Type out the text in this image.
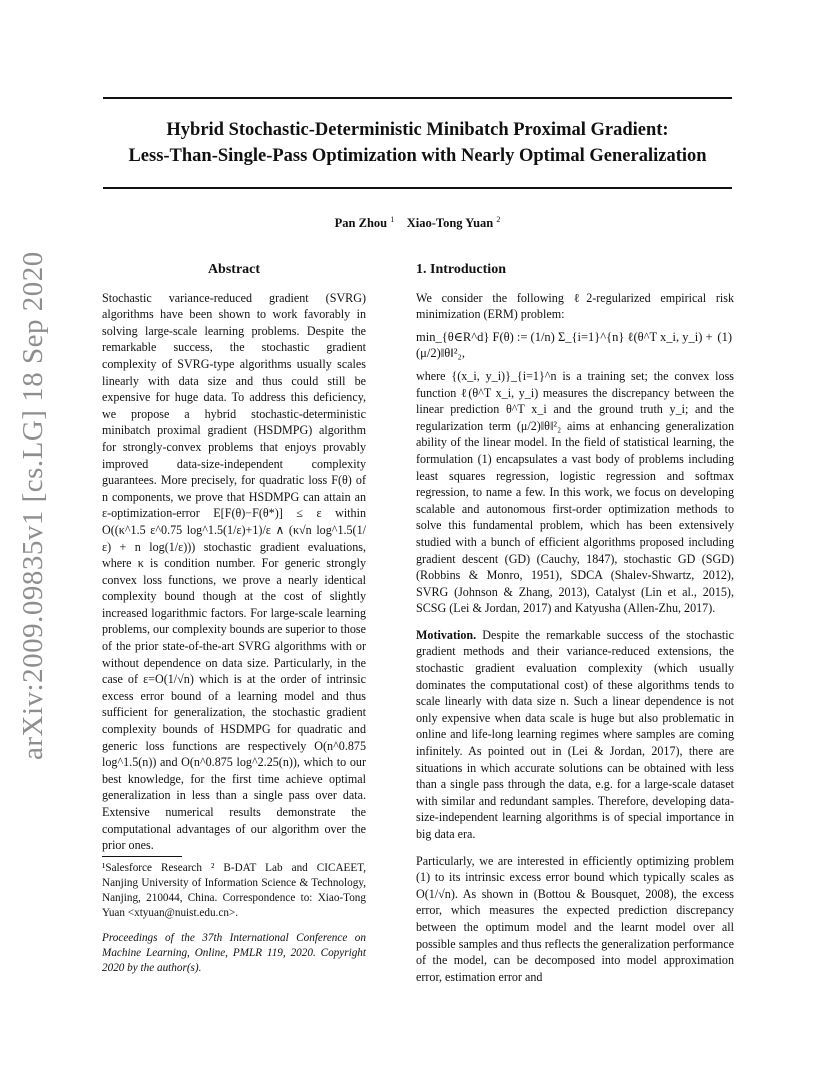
Hybrid Stochastic-Deterministic Minibatch Proximal Gradient:
Less-Than-Single-Pass Optimization with Nearly Optimal Generalization
Pan Zhou $^1$ Xiao-Tong Yuan $^2$
arXiv:2009.09835v1 [cs.LG] 18 Sep 2020	Abstract

Stochastic variance-reduced gradient (SVRG) algorithms have been shown to work favorably in solving large-scale learning problems. Despite the remarkable success, the stochastic gradient complexity of SVRG-type algorithms usually scales linearly with data size and thus could still be expensive for huge data. To address this deficiency, we propose a hybrid stochastic-deterministic minibatch proximal gradient (HSDMPG) algorithm for strongly-convex problems that enjoys provably improved data-size-independent complexity guarantees. More precisely, for quadratic loss F(θ) of n components, we prove that HSDMPG can attain an ε-optimization-error E[F(θ)−F(θ*)] ≤ ε within O((κ^1.5 ε^0.75 log^1.5(1/ε)+1)/ε ∧ (κ√n log^1.5(1/ε) + n log(1/ε))) stochastic gradient evaluations, where κ is condition number. For generic strongly convex loss functions, we prove a nearly identical complexity bound though at the cost of slightly increased logarithmic factors. For large-scale learning problems, our complexity bounds are superior to those of the prior state-of-the-art SVRG algorithms with or without dependence on data size. Particularly, in the case of ε=O(1/√n) which is at the order of intrinsic excess error bound of a learning model and thus sufficient for generalization, the stochastic gradient complexity bounds of HSDMPG for quadratic and generic loss functions are respectively O(n^0.875 log^1.5(n)) and O(n^0.875 log^2.25(n)), which to our best knowledge, for the first time achieve optimal generalization in less than a single pass over data. Extensive numerical results demonstrate the computational advantages of our algorithm over the prior ones.

¹Salesforce Research ² B-DAT Lab and CICAEET, Nanjing University of Information Science & Technology, Nanjing, 210044, China. Correspondence to: Xiao-Tong Yuan <xtyuan@nuist.edu.cn>.
Proceedings of the 37th International Conference on Machine Learning, Online, PMLR 119, 2020. Copyright 2020 by the author(s).
1. Introduction

We consider the following ℓ2-regularized empirical risk minimization (ERM) problem:

min_{θ∈R^d} F(θ) := (1/n) Σ_{i=1}^{n} ℓ(θ^T x_i, y_i) + (μ/2)‖θ‖²₂,
(1)

where {(x_i, y_i)}_{i=1}^n is a training set; the convex loss function ℓ(θ^T x_i, y_i) measures the discrepancy between the linear prediction θ^T x_i and the ground truth y_i; and the regularization term (μ/2)‖θ‖²₂ aims at enhancing generalization ability of the linear model. In the field of statistical learning, the formulation (1) encapsulates a vast body of problems including least squares regression, logistic regression and softmax regression, to name a few. In this work, we focus on developing scalable and autonomous first-order optimization methods to solve this fundamental problem, which has been extensively studied with a bunch of efficient algorithms proposed including gradient descent (GD) (Cauchy, 1847), stochastic GD (SGD) (Robbins & Monro, 1951), SDCA (Shalev-Shwartz, 2012), SVRG (Johnson & Zhang, 2013), Catalyst (Lin et al., 2015), SCSG (Lei & Jordan, 2017) and Katyusha (Allen-Zhu, 2017).

Motivation. Despite the remarkable success of the stochastic gradient methods and their variance-reduced extensions, the stochastic gradient evaluation complexity (which usually dominates the computational cost) of these algorithms tends to scale linearly with data size n. Such a linear dependence is not only expensive when data scale is huge but also problematic in online and life-long learning regimes where samples are coming infinitely. As pointed out in (Lei & Jordan, 2017), there are situations in which accurate solutions can be obtained with less than a single pass through the data, e.g. for a large-scale dataset with similar and redundant samples. Therefore, developing data-size-independent learning algorithms is of special importance in big data era.

Particularly, we are interested in efficiently optimizing problem (1) to its intrinsic excess error bound which typically scales as O(1/√n). As shown in (Bottou & Bousquet, 2008), the excess error, which measures the expected prediction discrepancy between the optimum model and the learnt model over all possible samples and thus reflects the generalization performance of the model, can be decomposed into model approximation error, estimation error and
